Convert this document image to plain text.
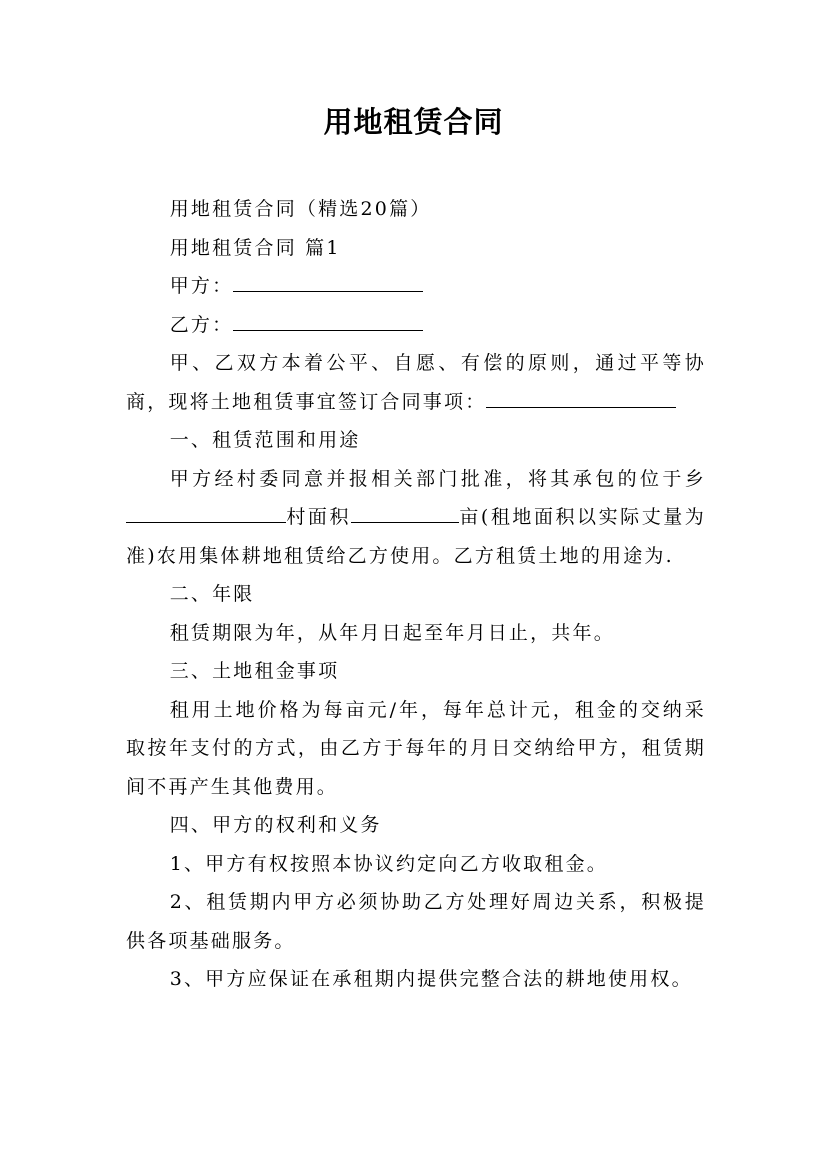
用地租赁合同

用地租赁合同（精选20篇）

用地租赁合同 篇1

甲方：

乙方：

甲、乙双方本着公平、自愿、有偿的原则，通过平等协商，现将土地租赁事宜签订合同事项：

一、租赁范围和用途

甲方经村委同意并报相关部门批准，将其承包的位于乡村面积	亩(租地面积以实际丈量为准)农用集体耕地租赁给乙方使用。乙方租赁土地的用途为.

二、年限

租赁期限为年，从年月日起至年月日止，共年。

三、土地租金事项

租用土地价格为每亩元/年，每年总计元，租金的交纳采取按年支付的方式，由乙方于每年的月日交纳给甲方，租赁期间不再产生其他费用。

四、甲方的权利和义务

1、甲方有权按照本协议约定向乙方收取租金。

2、租赁期内甲方必须协助乙方处理好周边关系，积极提供各项基础服务。

3、甲方应保证在承租期内提供完整合法的耕地使用权。
